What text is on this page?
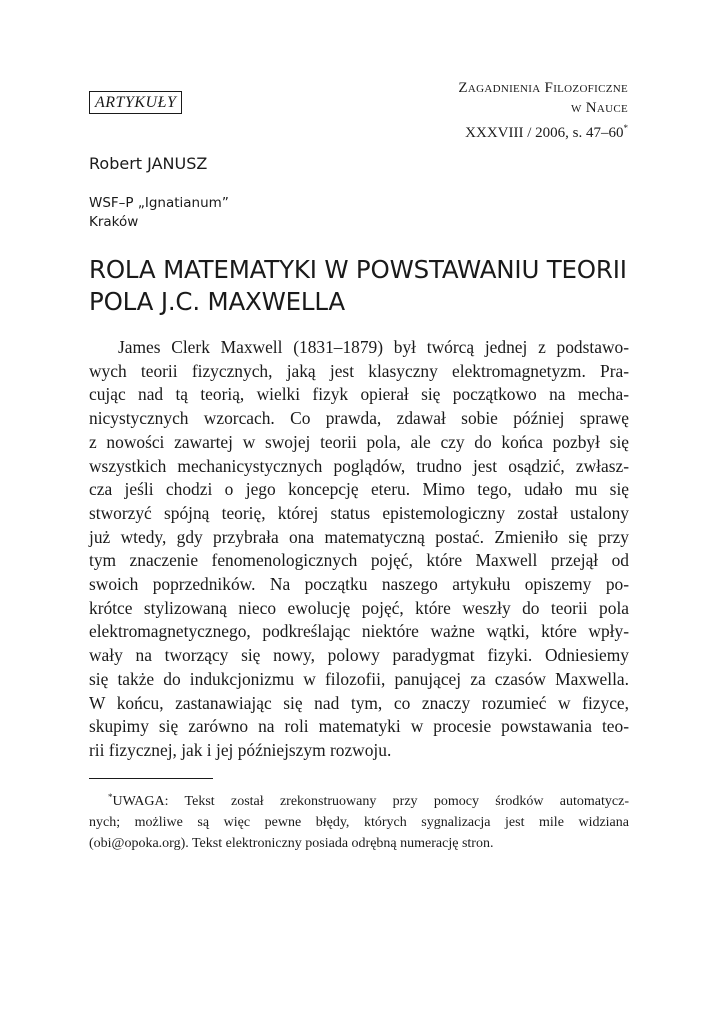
ARTYKUŁY
Zagadnienia Filozoficzne
w Nauce
XXXVIII / 2006, s. 47–60*
Robert JANUSZ
WSF–P „Ignatianum”
Kraków
ROLA MATEMATYKI W POWSTAWANIU TEORII
POLA J.C. MAXWELLA
James Clerk Maxwell (1831–1879) był twórcą jednej z podstawo-
wych teorii fizycznych, jaką jest klasyczny elektromagnetyzm. Pra-
cując nad tą teorią, wielki fizyk opierał się początkowo na mecha-
nicystycznych wzorcach. Co prawda, zdawał sobie później sprawę
z nowości zawartej w swojej teorii pola, ale czy do końca pozbył się
wszystkich mechanicystycznych poglądów, trudno jest osądzić, zwłasz-
cza jeśli chodzi o jego koncepcję eteru. Mimo tego, udało mu się
stworzyć spójną teorię, której status epistemologiczny został ustalony
już wtedy, gdy przybrała ona matematyczną postać. Zmieniło się przy
tym znaczenie fenomenologicznych pojęć, które Maxwell przejął od
swoich poprzedników. Na początku naszego artykułu opiszemy po-
krótce stylizowaną nieco ewolucję pojęć, które weszły do teorii pola
elektromagnetycznego, podkreślając niektóre ważne wątki, które wpły-
wały na tworzący się nowy, polowy paradygmat fizyki. Odniesiemy
się także do indukcjonizmu w filozofii, panującej za czasów Maxwella.
W końcu, zastanawiając się nad tym, co znaczy rozumieć w fizyce,
skupimy się zarówno na roli matematyki w procesie powstawania teo-
rii fizycznej, jak i jej późniejszym rozwoju.
*UWAGA: Tekst został zrekonstruowany przy pomocy środków automatycz-
nych; możliwe są więc pewne błędy, których sygnalizacja jest mile widziana
(obi@opoka.org). Tekst elektroniczny posiada odrębną numerację stron.
